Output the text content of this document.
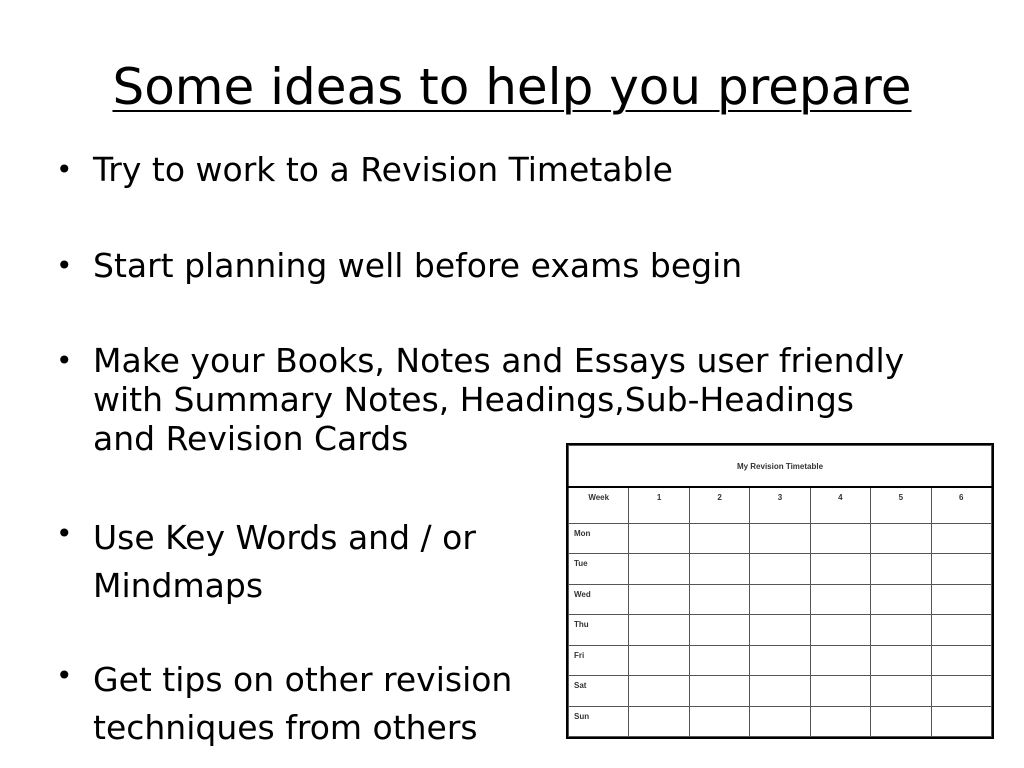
Some ideas to help you prepare
• Try to work to a Revision Timetable
• Start planning well before exams begin
• Make your Books, Notes and Essays user friendly
with Summary Notes, Headings,Sub-Headings
and Revision Cards
• Use Key Words and / or
Mindmaps
• Get tips on other revision
techniques from others
My Revision Timetable						
Week	1	2	3	4	5	6
Mon						
Tue						
Wed						
Thu						
Fri						
Sat						
Sun						
